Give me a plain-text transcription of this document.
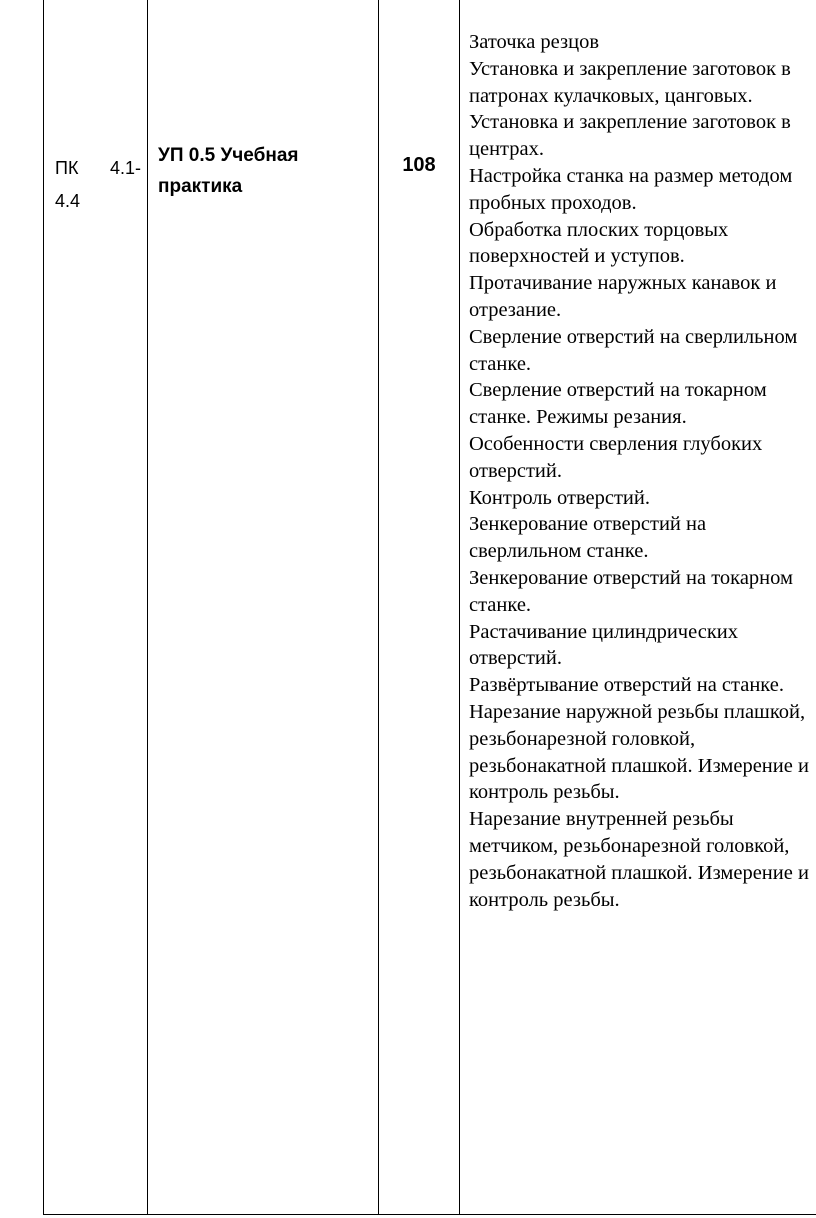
ПК 4.1-
4.4
УП 0.5 Учебная практика
108
Заточка резцов
Установка и закрепление заготовок в
патронах кулачковых, цанговых.
Установка и закрепление заготовок в
центрах.
Настройка станка на размер методом
пробных проходов.
Обработка плоских торцовых
поверхностей и уступов.
Протачивание наружных канавок и
отрезание.
Сверление отверстий на сверлильном
станке.
Сверление отверстий на токарном
станке. Режимы резания.
Особенности сверления глубоких
отверстий.
Контроль отверстий.
Зенкерование отверстий на
сверлильном станке.
Зенкерование отверстий на токарном
станке.
Растачивание цилиндрических
отверстий.
Развёртывание отверстий на станке.
Нарезание наружной резьбы плашкой,
резьбонарезной головкой,
резьбонакатной плашкой. Измерение и
контроль резьбы.
Нарезание внутренней резьбы
метчиком, резьбонарезной головкой,
резьбонакатной плашкой. Измерение и
контроль резьбы.
